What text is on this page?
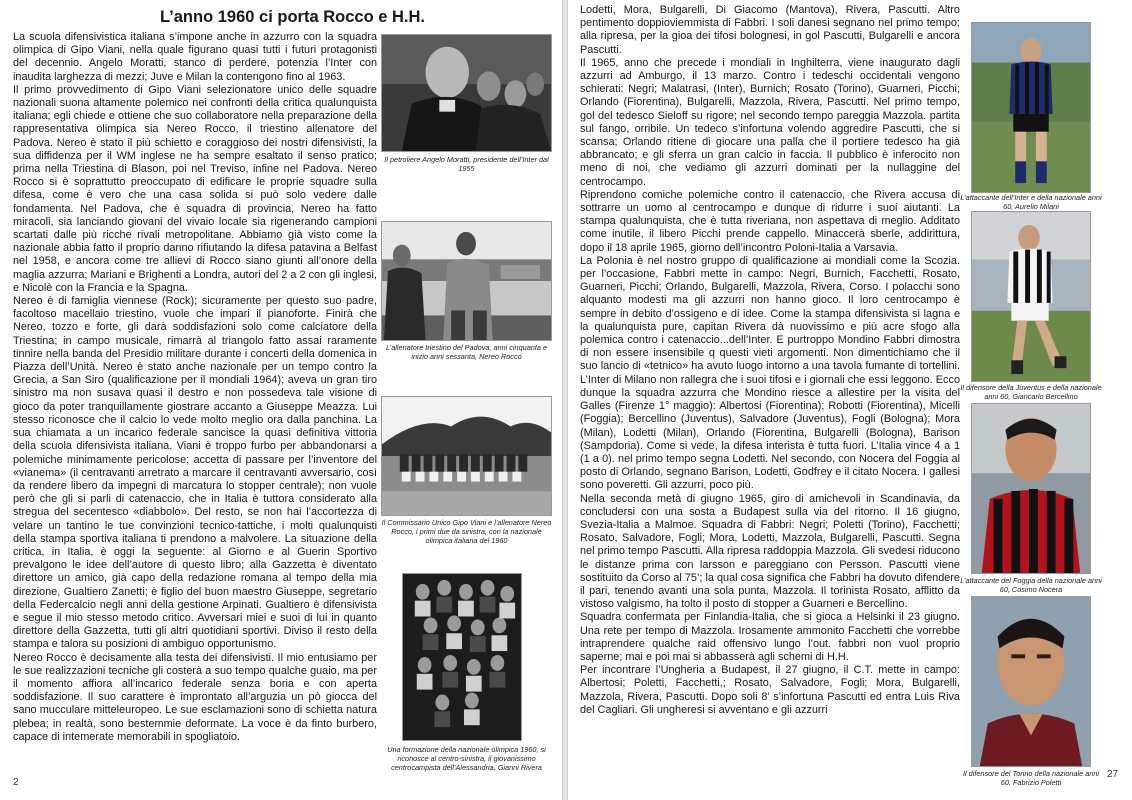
L’anno 1960 ci porta Rocco e H.H.

La scuola difensivistica italiana s’impone anche in azzurro con la squadra olimpica di Gipo Viani, nella quale figurano quasi tutti i futuri protagonisti del decennio. Angelo Moratti, stanco di perdere, potenzia l’Inter con inaudita larghezza di mezzi; Juve e Milan la contengono fino al 1963.

Il primo provvedimento di Gipo Viani selezionatore unico delle squadre nazionali suona altamente polemico nei confronti della critica qualunquista italiana; egli chiede e ottiene che suo collaboratore nella preparazione della rappresentativa olimpica sia Nereo Rocco, il triestino allenatore del Padova. Nereo è stato il più schietto e coraggioso dei nostri difensivisti, la sua diffidenza per il WM inglese ne ha sempre esaltato il senso pratico; prima nella Triestina di Blason, poi nel Treviso, infine nel Padova. Nereo Rocco si è soprattutto preoccupato di edificare le proprie squadre sulla difesa, come è vero che una casa solida si può solo vedere dalle fondamenta. Nel Padova, che è squadra di provincia, Nereo ha fatto miracoli, sia lanciando giovani del vivaio locale sia rigenerando campioni scartati dalle più ricche rivali metropolitane. Abbiamo già visto come la nazionale abbia fatto il proprio danno rifiutando la difesa patavina a Belfast nel 1958, e ancora come tre allievi di Rocco siano giunti all’onore della maglia azzurra; Mariani e Brighenti a Londra, autori del 2 a 2 con gli inglesi, e Nicolè con la Francia e la Spagna.

Nereo è di famiglia viennese (Rock); sicuramente per questo suo padre, facoltoso macellaio triestino, vuole che impari il pianoforte. Finirà che Nereo, tozzo e forte, gli darà soddisfazioni solo come calciatore della Triestina; in campo musicale, rimarrà al triangolo fatto assai raramente tinnire nella banda del Presidio militare durante i concerti della domenica in Piazza dell’Unità. Nereo è stato anche nazionale per un tempo contro la Grecia, a San Siro (qualificazione per il mondiali 1964); aveva un gran tiro sinistro ma non susava quasi il destro e non possedeva tale visione di gioco da poter tranquillamente giostrare accanto a Giuseppe Meazza. Lui stesso riconosce che il calcio lo vede molto meglio ora dalla panchina. La sua chiamata a un incarico federale sancisce la quasi definitiva vittoria della scuola difensivista italiana. Viani è troppo furbo per abbandonarsi a polemiche minimamente pericolose; accetta di passare per l’inventore del «vianema» (il centravanti arretrato a marcare il centravanti avversario, così da rendere libero da impegni di marcatura lo stopper centrale); non vuole però che gli si parli di catenaccio, che in Italia è tuttora considerato alla stregua del secentesco «diabbolo». Del resto, se non hai l’accortezza di velare un tantino le tue convinzioni tecnico-tattiche, i molti qualunquisti della stampa sportiva italiana ti prendono a malvolere. La situazione della critica, in Italia, è oggi la seguente: al Giorno e al Guerin Sportivo prevalgono le idee dell’autore di questo libro; alla Gazzetta è diventato direttore un amico, già capo della redazione romana al tempo della mia direzione, Gualtiero Zanetti; è figlio del buon maestro Giuseppe, segretario della Federcalcio negli anni della gestione Arpinati. Gualtiero è difensivista e segue il mio stesso metodo critico. Avversari miei e suoi di lui in quanto direttore della Gazzetta, tutti gli altri quotidiani sportivi. Diviso il resto della stampa e talora su posizioni di ambiguo opportunismo.

Nereo Rocco è decisamente alla testa dei difensivisti. Il mio entusiamo per le sue realizzazioni tecniche gli costerà a suo tempo qualche guaio, ma per il momento affiora all’incarico federale senza boria e con aperta soddisfazione. Il suo carattere è improntato all’arguzia un pò giocca del sano mucculare mitteleuropeo. Le sue esclamazioni sono di schietta natura plebea; in realtà, sono bestemmie deformate. La voce è da finto burbero, capace di intemerate memorabili in spogliatoio.

Il petroliere Angelo Moratti, presidente dell’Inter dal 1955
L’allenatore triestino del Padova, anni cinquanta e inizio anni sessanta, Nereo Rocco
Il Commissario Unico Gipo Viani e l’allenatore Nereo Rocco, i primi due da sinistra, con la nazionale olimpica italiana del 1960
Una formazione della nazionale olimpica 1960, si riconosce al centro-sinistra, il giovanissimo centrocampista dell’Alessandria, Gianni Rivera
2

Lodetti, Mora, Bulgarelli, Di Giacomo (Mantova), Rivera, Pascutti. Altro pentimento doppioviemmista di Fabbri. I soli danesi segnano nel primo tempo; alla ripresa, per la gioa dei tifosi bolognesi, in gol Pascutti, Bulgarelli e ancora Pascutti.

Il 1965, anno che precede i mondiali in Inghilterra, viene inaugurato dagli azzurri ad Amburgo, il 13 marzo. Contro i tedeschi occidentali vengono schierati: Negri; Malatrasi, (Inter), Burnich; Rosato (Torino), Guarneri, Picchi; Orlando (Fiorentina), Bulgarelli, Mazzola, Rivera, Pascutti. Nel primo tempo, gol del tedesco Sieloff su rigore; nel secondo tempo pareggia Mazzola. partita sul fango, orribile. Un tedeco s’infortuna volendo aggredire Pascutti, che si scansa; Orlando ritiene di giocare una palla che il portiere tedesco ha già abbrancato; e gli sferra un gran calcio in faccia. Il pubblico è inferocito non meno di noi, che vediamo gli azzurri dominati per la nullaggine del centrocampo.

Riprendono comiche polemiche contro il catenaccio, che Rivera accusa di sottrarre un uomo al centrocampo e dunque di ridurre i suoi aiutanti. La stampa qualunquista, che è tutta riveriana, non aspettava di meglio. Additato come inutile, il libero Picchi prende cappello. Minaccerà sberle, addirittura, dopo il 18 aprile 1965, giorno dell’incontro Poloni-Italia a Varsavia.

La Polonia è nel nostro gruppo di qualificazione ai mondiali come la Scozia. per l’occasione, Fabbri mette in campo: Negri, Burnich, Facchetti, Rosato, Guarneri, Picchi; Orlando, Bulgarelli, Mazzola, Rivera, Corso. I polacchi sono alquanto modesti ma gli azzurri non hanno gioco. Il loro centrocampo è sempre in debito d’ossigeno e di idee. Come la stampa difensivista si lagna e la qualunquista pure, capitan Rivera dà nuovissimo e più acre sfogo alla polemica contro i catenaccio...dell’Inter. E purtroppo Mondino Fabbri dimostra di non essere insensibile q questi vieti argomenti. Non dimentichiamo che il suo lancio di «tetnico» ha avuto luogo intorno a una tavola fumante di tortellini. L’Inter di Milano non rallegra che i suoi tifosi e i giornali che essi leggono. Ecco dunque la squadra azzurra che Mondino riesce a allestire per la visita del Galles (Firenze 1° maggio): Albertosi (Fiorentina); Robotti (Fiorentina), Micelli (Foggia); Bercellino (Juventus), Salvadore (Juventus), Fogli (Bologna); Mora (Milan), Lodetti (Milan), Orlando (Fiorentina, Bulgarelli (Bologna), Barison (Sampdoria). Come si vede, la difesa interista è tutta fuori. L’Italia vince 4 a 1 (1 a 0). nel primo tempo segna Lodetti. Nel secondo, con Nocera del Foggia al posto di Orlando, segnano Barison, Lodetti, Godfrey e il citato Nocera. I gallesi sono poveretti. Gli azzurri, poco più.

Nella seconda metà di giugno 1965, giro di amichevoli in Scandinavia, da concludersi con una sosta a Budapest sulla via del ritorno. Il 16 giugno, Svezia-Italia a Malmoe. Squadra di Fabbri: Negri; Poletti (Torino), Facchetti; Rosato, Salvadore, Fogli; Mora, Lodetti, Mazzola, Bulgarelli, Pascutti. Segna nel primo tempo Pascutti. Alla ripresa raddoppia Mazzola. Gli svedesi riducono le distanze prima con larsson e pareggiano con Persson. Pascutti viene sostituito da Corso al 75’; la qual cosa significa che Fabbri ha dovuto difendere il pari, tenendo avanti una sola punta, Mazzola. Il torinista Rosato, afflitto da vistoso valgismo, ha tolto il posto di stopper a Guarneri e Bercellino.

Squadra confermata per Finlandia-Italia, che si gioca a Helsinki il 23 giugno. Una rete per tempo di Mazzola. Irosamente ammonito Facchetti che vorrebbe intraprendere qualche raid offensivo lungo l’out. fabbri non vuol proprio saperne; mai e poi mai si abbasserà agli schemi di H.H.

Per incontrare l’Ungheria a Budapest, il 27 giugno, il C.T. mette in campo: Albertosi; Poletti, Facchetti,; Rosato, Salvadore, Fogli; Mora, Bulgarelli, Mazzola, Rivera, Pascutti. Dopo soli 8’ s’infortuna Pascutti ed entra Luis Riva del Cagliari. Gli ungheresi si avventano e gli azzurri

L’attaccante dell’Inter e della nazionale anni 60, Aurelio Milani
Il difensore della Juventus e della nazionale anni 60, Giancarlo Bercellino
L’attaccante del Foggia della nazionale anni 60, Cosimo Nocera
Il difensore del Torino della nazionale anni 60, Fabrizio Poletti
27
